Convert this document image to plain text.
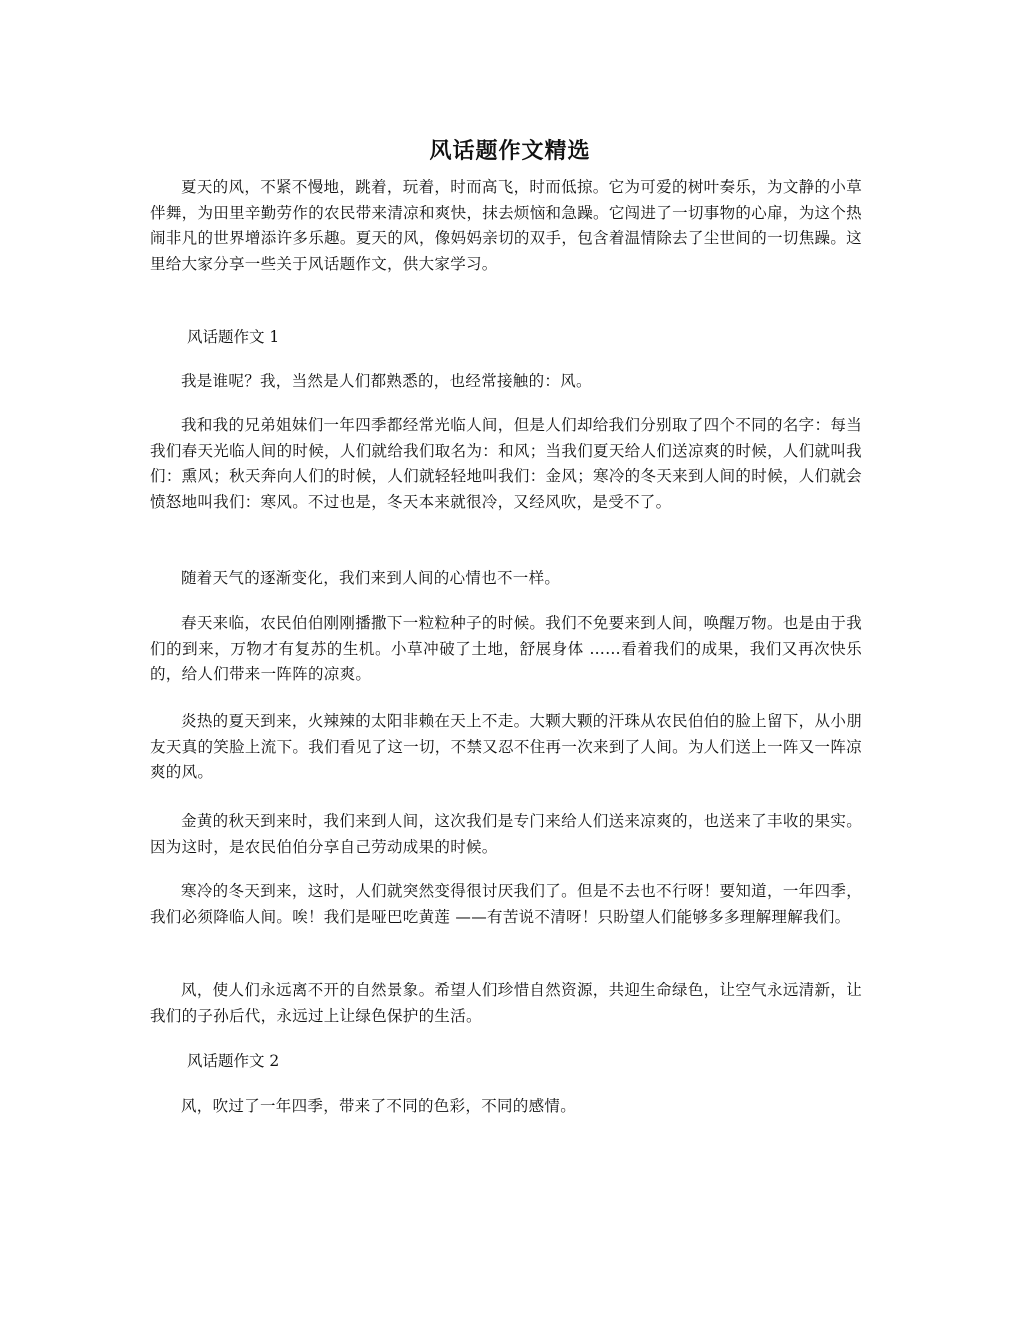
风话题作文精选

夏天的风，不紧不慢地，跳着，玩着，时而高飞，时而低掠。它为可爱的树叶奏乐，为文静的小草伴舞，为田里辛勤劳作的农民带来清凉和爽快，抹去烦恼和急躁。它闯进了一切事物的心扉，为这个热闹非凡的世界增添许多乐趣。夏天的风，像妈妈亲切的双手，包含着温情除去了尘世间的一切焦躁。这里给大家分享一些关于风话题作文，供大家学习。

风话题作文 1

我是谁呢？我，当然是人们都熟悉的，也经常接触的：风。

我和我的兄弟姐妹们一年四季都经常光临人间，但是人们却给我们分别取了四个不同的名字：每当我们春天光临人间的时候，人们就给我们取名为：和风；当我们夏天给人们送凉爽的时候，人们就叫我们：熏风；秋天奔向人们的时候，人们就轻轻地叫我们：金风；寒冷的冬天来到人间的时候，人们就会愤怒地叫我们：寒风。不过也是，冬天本来就很冷，又经风吹，是受不了。

随着天气的逐渐变化，我们来到人间的心情也不一样。

春天来临，农民伯伯刚刚播撒下一粒粒种子的时候。我们不免要来到人间，唤醒万物。也是由于我们的到来，万物才有复苏的生机。小草冲破了土地，舒展身体 ……看着我们的成果，我们又再次快乐的，给人们带来一阵阵的凉爽。

炎热的夏天到来，火辣辣的太阳非赖在天上不走。大颗大颗的汗珠从农民伯伯的脸上留下，从小朋友天真的笑脸上流下。我们看见了这一切，不禁又忍不住再一次来到了人间。为人们送上一阵又一阵凉爽的风。

金黄的秋天到来时，我们来到人间，这次我们是专门来给人们送来凉爽的，也送来了丰收的果实。因为这时，是农民伯伯分享自己劳动成果的时候。

寒冷的冬天到来，这时，人们就突然变得很讨厌我们了。但是不去也不行呀！要知道，一年四季，我们必须降临人间。唉！我们是哑巴吃黄莲 ——有苦说不清呀！只盼望人们能够多多理解理解我们。

风，使人们永远离不开的自然景象。希望人们珍惜自然资源，共迎生命绿色，让空气永远清新，让我们的子孙后代，永远过上让绿色保护的生活。

风话题作文 2

风，吹过了一年四季，带来了不同的色彩，不同的感情。
